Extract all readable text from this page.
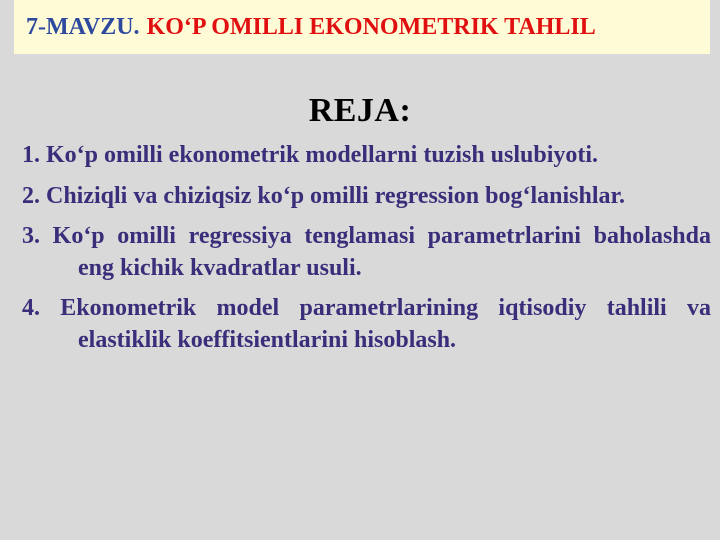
7-MAVZU. KO‘P OMILLI EKONOMETRIK TAHLIL
REJA:
1. Ko‘p omilli ekonometrik modellarni tuzish uslubiyoti.
2. Chiziqli va chiziqsiz ko‘p omilli regression bog‘lanishlar.
3. Ko‘p omilli regressiya tenglamasi parametrlarini baholashda eng kichik kvadratlar usuli.
4. Ekonometrik model parametrlarining iqtisodiy tahlili va elastiklik koeffitsientlarini hisoblash.
